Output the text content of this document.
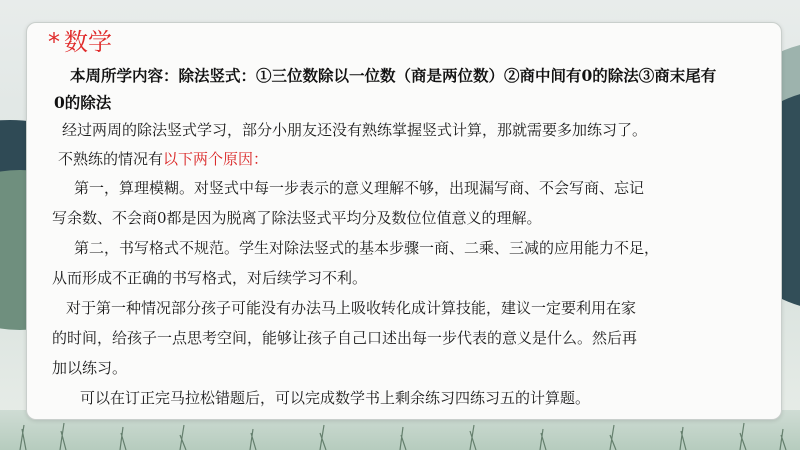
* 数学
本周所学内容：除法竖式：①三位数除以一位数（商是两位数）②商中间有0的除法③商末尾有0的除法
经过两周的除法竖式学习，部分小朋友还没有熟练掌握竖式计算，那就需要多加练习了。
不熟练的情况有以下两个原因：
第一，算理模糊。对竖式中每一步表示的意义理解不够，出现漏写商、不会写商、忘记
写余数、不会商0都是因为脱离了除法竖式平均分及数位位值意义的理解。
第二，书写格式不规范。学生对除法竖式的基本步骤一商、二乘、三减的应用能力不足，
从而形成不正确的书写格式，对后续学习不利。
对于第一种情况部分孩子可能没有办法马上吸收转化成计算技能，建议一定要利用在家
的时间，给孩子一点思考空间，能够让孩子自己口述出每一步代表的意义是什么。然后再
加以练习。
可以在订正完马拉松错题后，可以完成数学书上剩余练习四练习五的计算题。
